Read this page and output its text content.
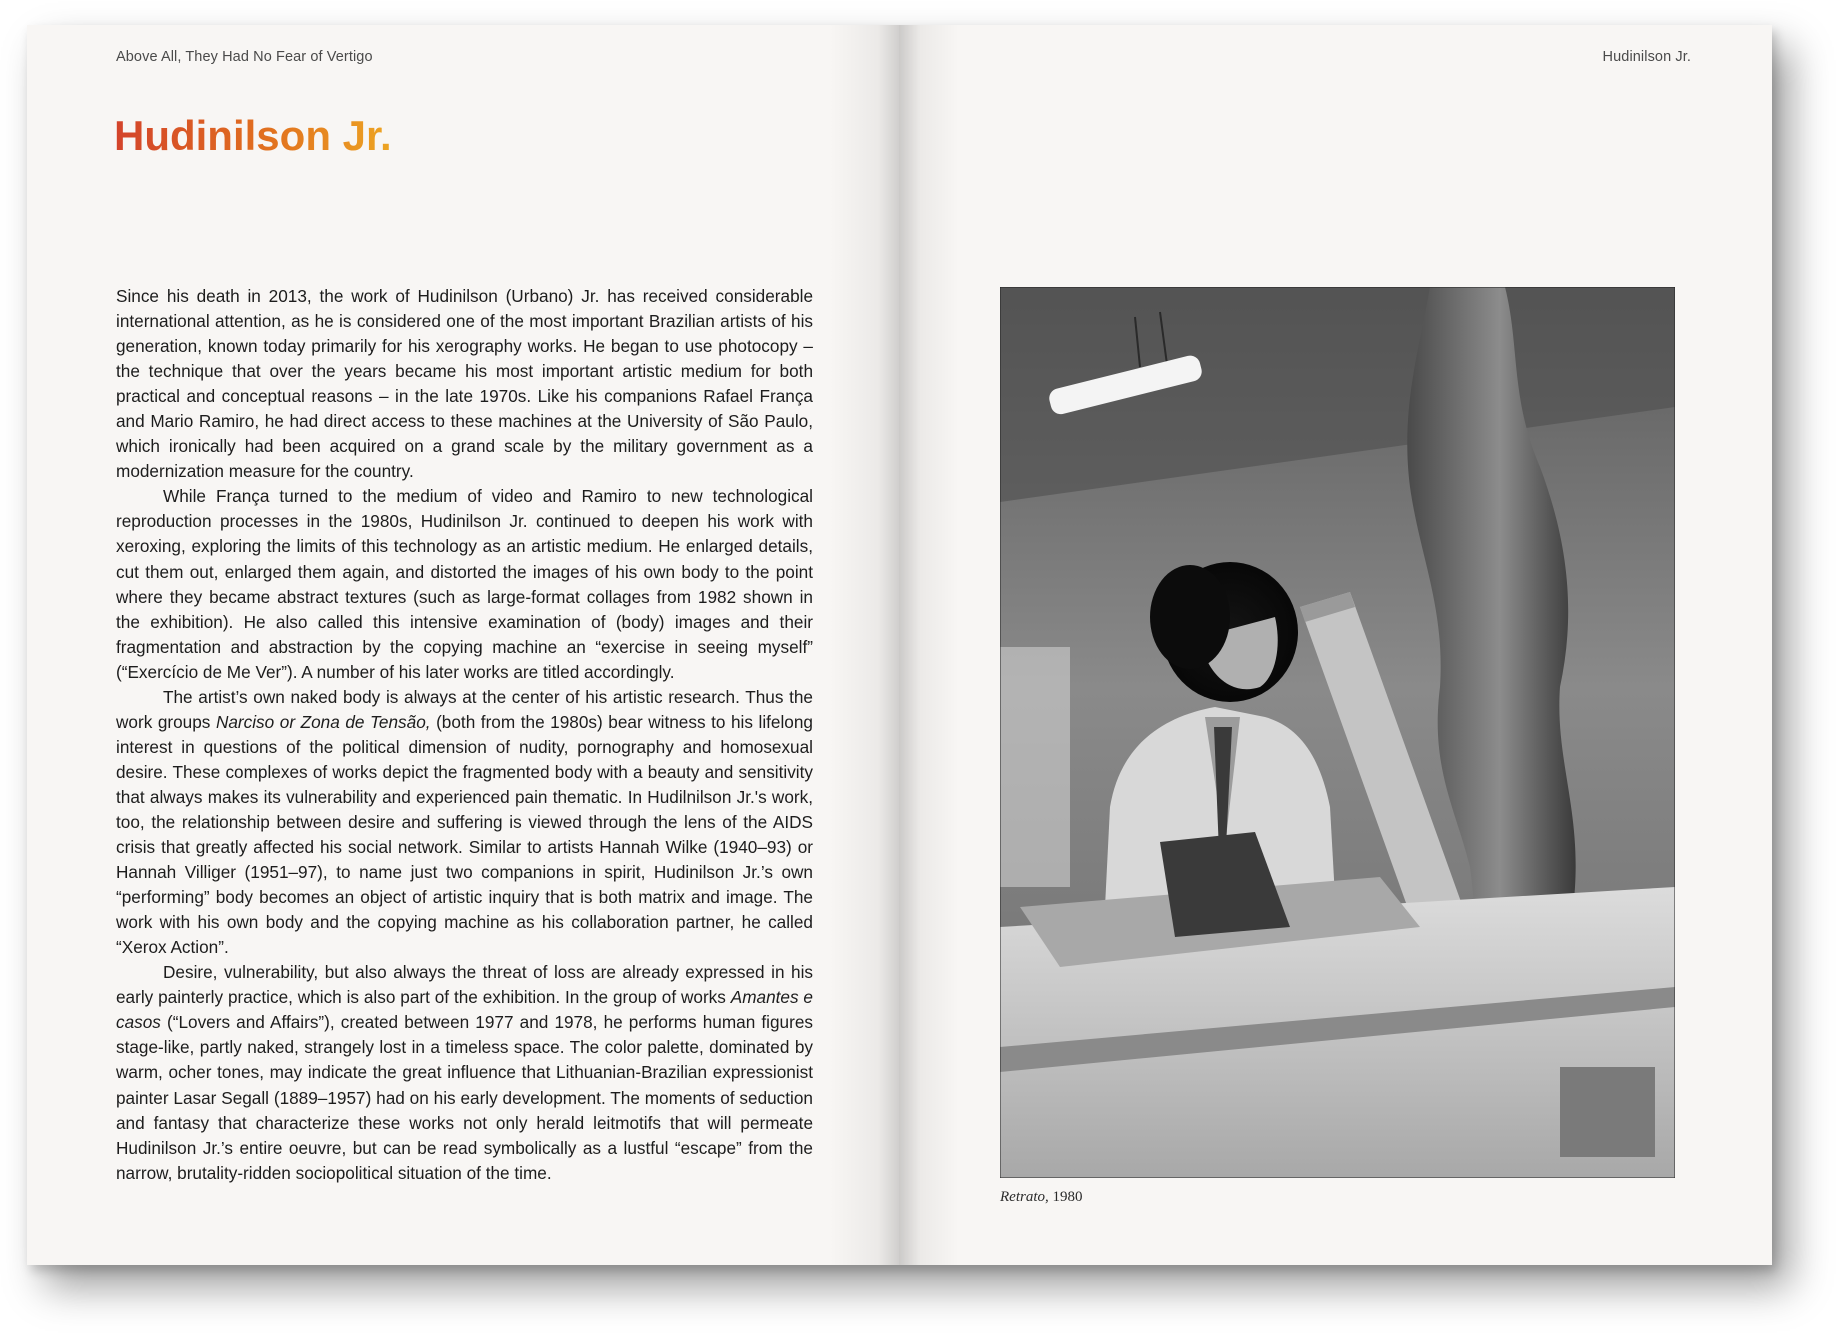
Above All, They Had No Fear of Vertigo
Hudinilson Jr.

Since his death in 2013, the work of Hudinilson (Urbano) Jr. has received considerable international attention, as he is considered one of the most important Brazilian artists of his generation, known today primarily for his xerography works. He began to use photocopy – the technique that over the years became his most important artistic medium for both practical and conceptual reasons – in the late 1970s. Like his companions Rafael França and Mario Ramiro, he had direct access to these machines at the University of São Paulo, which ironically had been acquired on a grand scale by the military government as a modernization measure for the country.

While França turned to the medium of video and Ramiro to new technological reproduction processes in the 1980s, Hudinilson Jr. continued to deepen his work with xeroxing, exploring the limits of this technology as an artistic medium. He enlarged details, cut them out, enlarged them again, and distorted the images of his own body to the point where they became abstract textures (such as large-format collages from 1982 shown in the exhibition). He also called this intensive examination of (body) images and their fragmentation and abstraction by the copying machine an “exercise in seeing myself” (“Exercício de Me Ver”). A number of his later works are titled accordingly.

The artist’s own naked body is always at the center of his artistic research. Thus the work groups Narciso or Zona de Tensão, (both from the 1980s) bear witness to his lifelong interest in questions of the political dimension of nudity, pornography and homosexual desire. These complexes of works depict the fragmented body with a beauty and sensitivity that always makes its vulnerability and experienced pain thematic. In Hudilnilson Jr.'s work, too, the relationship between desire and suffering is viewed through the lens of the AIDS crisis that greatly affected his social network. Similar to artists Hannah Wilke (1940–93) or Hannah Villiger (1951–97), to name just two companions in spirit, Hudinilson Jr.’s own “performing” body becomes an object of artistic inquiry that is both matrix and image. The work with his own body and the copying machine as his collaboration partner, he called “Xerox Action”.

Desire, vulnerability, but also always the threat of loss are already expressed in his early painterly practice, which is also part of the exhibition. In the group of works Amantes e casos (“Lovers and Affairs”), created between 1977 and 1978, he performs human figures stage-like, partly naked, strangely lost in a timeless space. The color palette, dominated by warm, ocher tones, may indicate the great influence that Lithuanian-Brazilian expressionist painter Lasar Segall (1889–1957) had on his early development. The moments of seduction and fantasy that characterize these works not only herald leitmotifs that will permeate Hudinilson Jr.’s entire oeuvre, but can be read symbolically as a lustful “escape” from the narrow, brutality-ridden sociopolitical situation of the time.

Hudinilson Jr.
Retrato, 1980
